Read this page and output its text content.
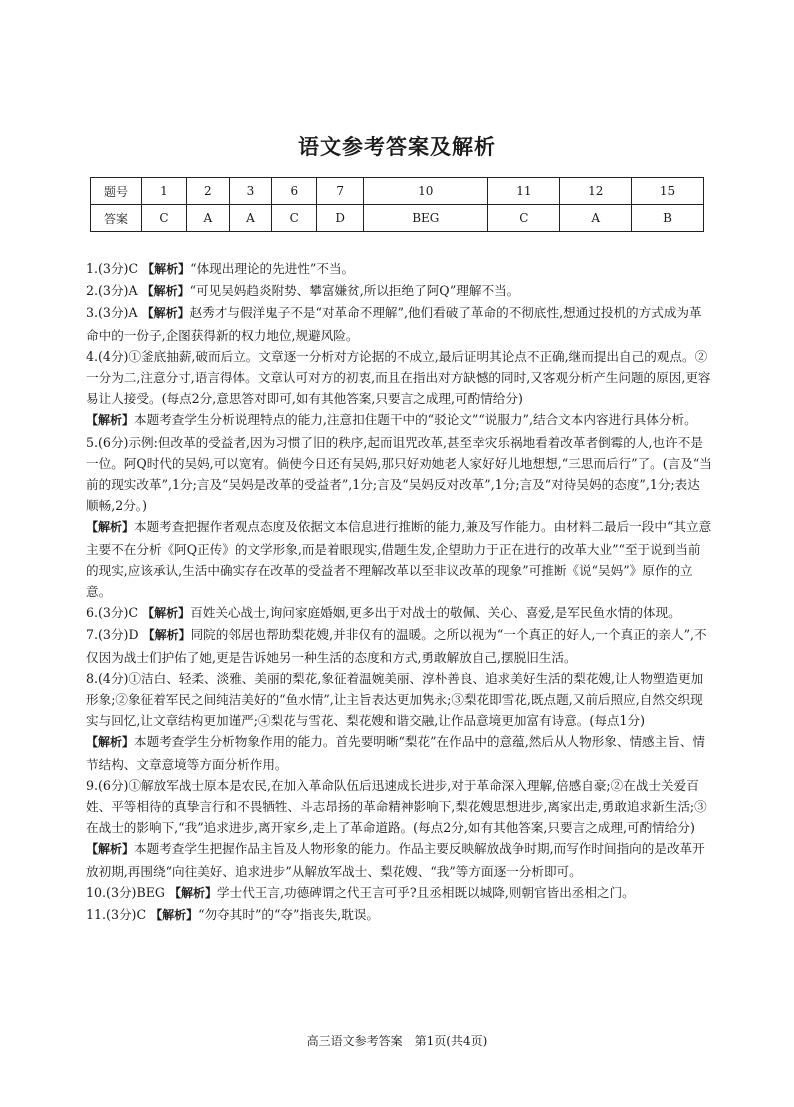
语文参考答案及解析
题号	1	2	3	6	7	10	11	12	15
答案	C	A	A	C	D	BEG	C	A	B

1.(3分)C 【解析】“体现出理论的先进性”不当。

2.(3分)A 【解析】“可见吴妈趋炎附势、攀富嫌贫,所以拒绝了阿Q”理解不当。

3.(3分)A 【解析】赵秀才与假洋鬼子不是“对革命不理解”,他们看破了革命的不彻底性,想通过投机的方式成为革命中的一份子,企图获得新的权力地位,规避风险。

4.(4分)①釜底抽薪,破而后立。文章逐一分析对方论据的不成立,最后证明其论点不正确,继而提出自己的观点。②一分为二,注意分寸,语言得体。文章认可对方的初衷,而且在指出对方缺憾的同时,又客观分析产生问题的原因,更容易让人接受。(每点2分,意思答对即可,如有其他答案,只要言之成理,可酌情给分)

【解析】本题考查学生分析说理特点的能力,注意扣住题干中的“驳论文”“说服力”,结合文本内容进行具体分析。

5.(6分)示例:但改革的受益者,因为习惯了旧的秩序,起而诅咒改革,甚至幸灾乐祸地看着改革者倒霉的人,也许不是一位。阿Q时代的吴妈,可以宽宥。倘使今日还有吴妈,那只好劝她老人家好好儿地想想,“三思而后行”了。(言及“当前的现实改革”,1分;言及“吴妈是改革的受益者”,1分;言及“吴妈反对改革”,1分;言及“对待吴妈的态度”,1分;表达顺畅,2分。)

【解析】本题考查把握作者观点态度及依据文本信息进行推断的能力,兼及写作能力。由材料二最后一段中“其立意主要不在分析《阿Q正传》的文学形象,而是着眼现实,借题生发,企望助力于正在进行的改革大业”“至于说到当前的现实,应该承认,生活中确实存在改革的受益者不理解改革以至非议改革的现象”可推断《说“吴妈”》原作的立意。

6.(3分)C 【解析】百姓关心战士,询问家庭婚姻,更多出于对战士的敬佩、关心、喜爱,是军民鱼水情的体现。

7.(3分)D 【解析】同院的邻居也帮助梨花嫂,并非仅有的温暖。之所以视为“一个真正的好人,一个真正的亲人”,不仅因为战士们护佑了她,更是告诉她另一种生活的态度和方式,勇敢解放自己,摆脱旧生活。

8.(4分)①洁白、轻柔、淡雅、美丽的梨花,象征着温婉美丽、淳朴善良、追求美好生活的梨花嫂,让人物塑造更加形象;②象征着军民之间纯洁美好的“鱼水情”,让主旨表达更加隽永;③梨花即雪花,既点题,又前后照应,自然交织现实与回忆,让文章结构更加谨严;④梨花与雪花、梨花嫂和谐交融,让作品意境更加富有诗意。(每点1分)

【解析】本题考查学生分析物象作用的能力。首先要明晰“梨花”在作品中的意蕴,然后从人物形象、情感主旨、情节结构、文章意境等方面分析作用。

9.(6分)①解放军战士原本是农民,在加入革命队伍后迅速成长进步,对于革命深入理解,倍感自豪;②在战士关爱百姓、平等相待的真挚言行和不畏牺牲、斗志昂扬的革命精神影响下,梨花嫂思想进步,离家出走,勇敢追求新生活;③在战士的影响下,“我”追求进步,离开家乡,走上了革命道路。(每点2分,如有其他答案,只要言之成理,可酌情给分)

【解析】本题考查学生把握作品主旨及人物形象的能力。作品主要反映解放战争时期,而写作时间指向的是改革开放初期,再围绕“向往美好、追求进步”从解放军战士、梨花嫂、“我”等方面逐一分析即可。

10.(3分)BEG 【解析】学士代王言,功德碑谓之代王言可乎?且丞相既以城降,则朝官皆出丞相之门。

11.(3分)C 【解析】“勿夺其时”的“夺”指丧失,耽误。

高三语文参考答案　第1页(共4页)
